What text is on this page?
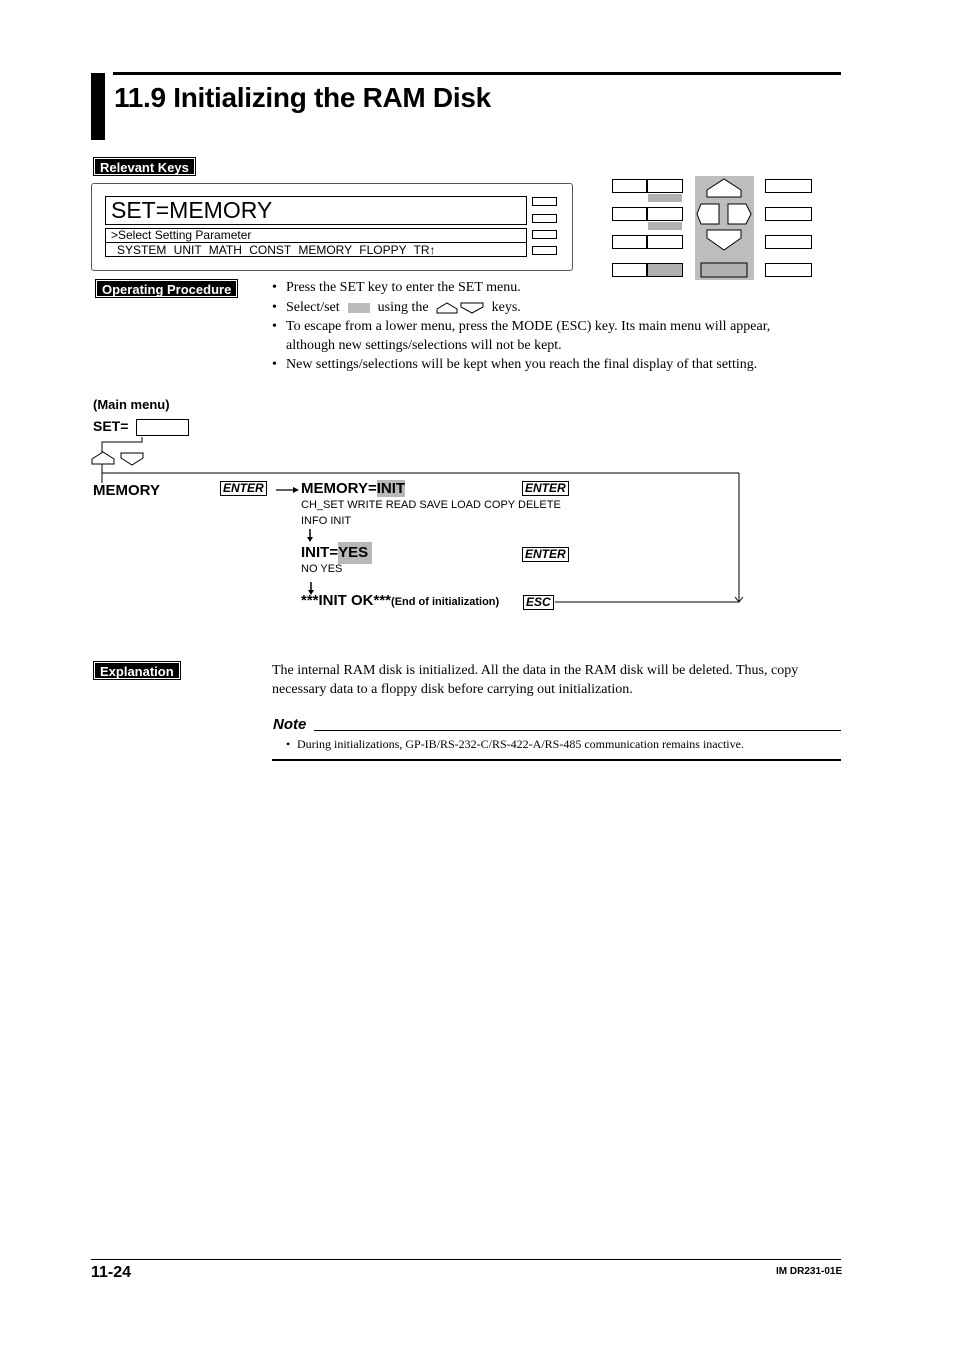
11.9 Initializing the RAM Disk
Relevant Keys
SET=MEMORY
>Select Setting Parameter
SYSTEM UNIT MATH CONST MEMORY FLOPPY TR↑
Operating Procedure	• Press the SET key to enter the SET menu.
• Select/set	using the	keys.
• To escape from a lower menu, press the MODE (ESC) key. Its main menu will appear,
although new settings/selections will not be kept.
• New settings/selections will be kept when you reach the final display of that setting.
(Main menu)
SET=
MEMORY	ENTER MEMORY=INIT	ENTER
CH_SET WRITE READ SAVE LOAD COPY DELETE
INFO INIT
INIT=YES	ENTER
NO YES
***INIT OK***(End of initialization) ESC
Explanation	The internal RAM disk is initialized. All the data in the RAM disk will be deleted. Thus, copy
necessary data to a floppy disk before carrying out initialization.
Note
• During initializations, GP-IB/RS-232-C/RS-422-A/RS-485 communication remains inactive.
11-24	IM DR231-01E
